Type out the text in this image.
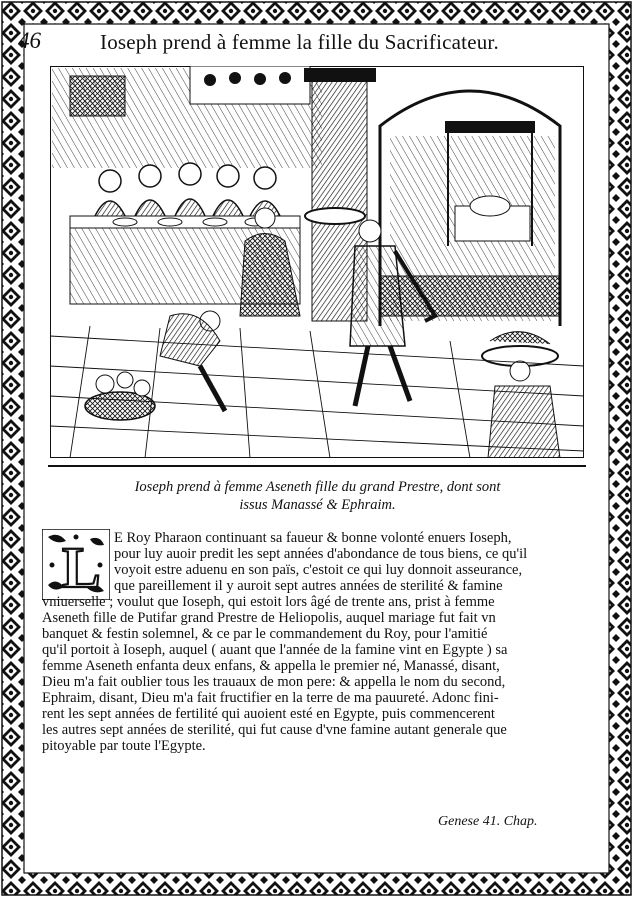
46	Ioseph prend à femme la fille du Sacrificateur.
Ioseph prend à femme Aseneth fille du grand Prestre, dont sont
issus Manassé & Ephraim.
L E Roy Pharaon continuant sa faueur & bonne volonté enuers Ioseph,
pour luy auoir predit les sept années d'abondance de tous biens, ce qu'il
voyoit estre aduenu en son païs, c'estoit ce qui luy donnoit asseurance,
que pareillement il y auroit sept autres années de sterilité & famine
vniuerselle ; voulut que Ioseph, qui estoit lors âgé de trente ans, prist à femme
Aseneth fille de Putifar grand Prestre de Heliopolis, auquel mariage fut fait vn
banquet & festin solemnel, & ce par le commandement du Roy, pour l'amitié
qu'il portoit à Ioseph, auquel ( auant que l'année de la famine vint en Egypte ) sa
femme Aseneth enfanta deux enfans, & appella le premier né, Manassé, disant,
Dieu m'a fait oublier tous les trauaux de mon pere: & appella le nom du second,
Ephraim, disant, Dieu m'a fait fructifier en la terre de ma pauureté. Adonc fini-
rent les sept années de fertilité qui auoient esté en Egypte, puis commencerent
les autres sept années de sterilité, qui fut cause d'vne famine autant generale que
pitoyable par toute l'Egypte.
Genese 41. Chap.
